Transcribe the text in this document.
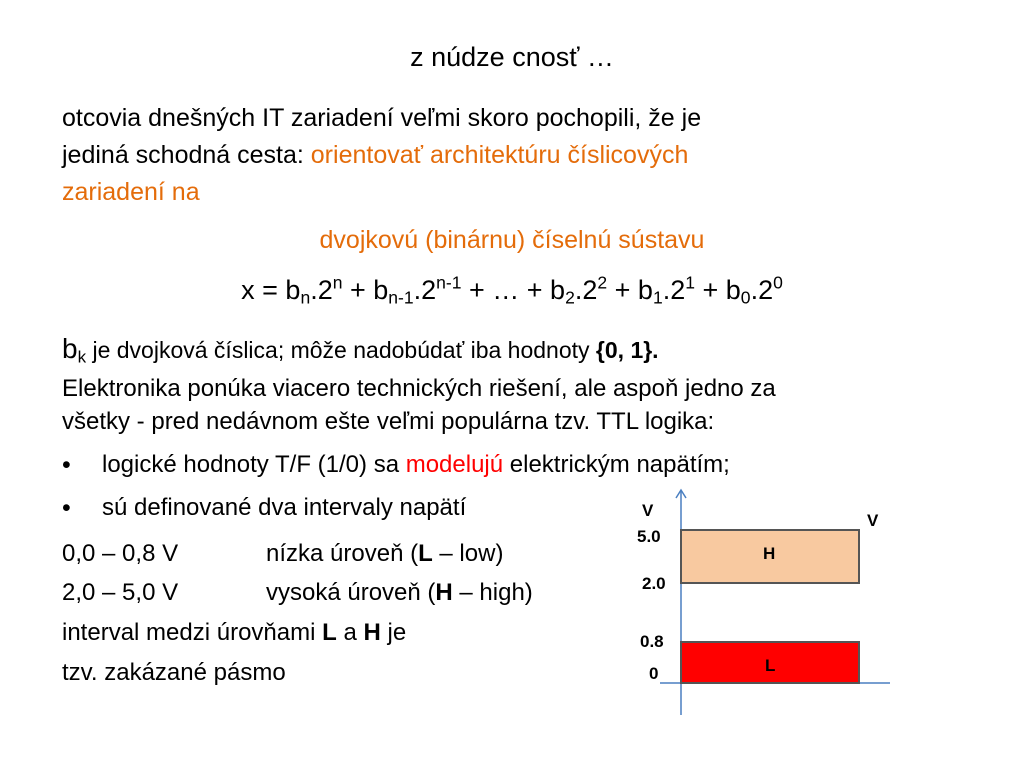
z núdze cnosť …
otcovia dnešných IT zariadení veľmi skoro pochopili, že je
jediná schodná cesta: orientovať architektúru číslicových
zariadení na
dvojkovú (binárnu) číselnú sústavu
$x = b_n.2^n + b_{n-1}.2^{n-1}$ + … + $b_2.2^2 + b_1.2^1 + b_0.2^0$
$b_k$ je dvojková číslica; môže nadobúdať iba hodnoty {0, 1}.
Elektronika ponúka viacero technických riešení, ale aspoň jedno za
všetky - pred nedávnom ešte veľmi populárna tzv. TTL logika:
• logické hodnoty T/F (1/0) sa modelujú elektrickým napätím;
• sú definované dva intervaly napätí
0,0 – 0,8 V	nízka úroveň (L – low)
2,0 – 5,0 V	vysoká úroveň (H – high)
interval medzi úrovňami L a H je
tzv. zakázané pásmo
V
V
5.0
2.0
0.8
0
H
L
